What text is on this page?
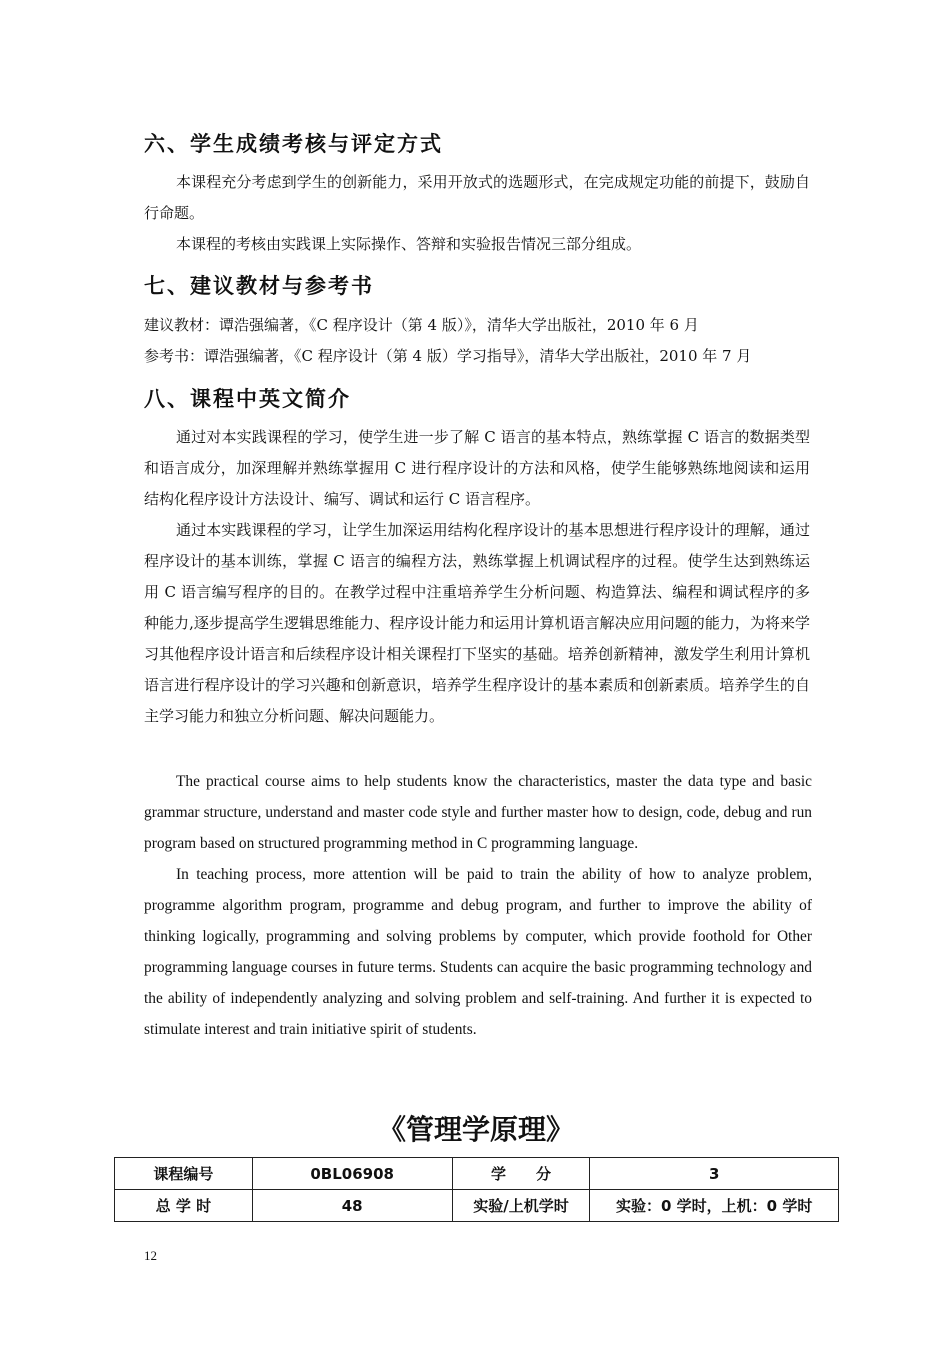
六、学生成绩考核与评定方式

本课程充分考虑到学生的创新能力，采用开放式的选题形式，在完成规定功能的前提下，鼓励自行命题。

本课程的考核由实践课上实际操作、答辩和实验报告情况三部分组成。

七、建议教材与参考书
建议教材：谭浩强编著，《C 程序设计（第 4 版）》，清华大学出版社，2010 年 6 月
参考书：谭浩强编著，《C 程序设计（第 4 版）学习指导》，清华大学出版社，2010 年 7 月
八、课程中英文简介

通过对本实践课程的学习，使学生进一步了解 C 语言的基本特点，熟练掌握 C 语言的数据类型和语言成分，加深理解并熟练掌握用 C 进行程序设计的方法和风格，使学生能够熟练地阅读和运用结构化程序设计方法设计、编写、调试和运行 C 语言程序。

通过本实践课程的学习，让学生加深运用结构化程序设计的基本思想进行程序设计的理解，通过程序设计的基本训练，掌握 C 语言的编程方法，熟练掌握上机调试程序的过程。使学生达到熟练运用 C 语言编写程序的目的。在教学过程中注重培养学生分析问题、构造算法、编程和调试程序的多种能力,逐步提高学生逻辑思维能力、程序设计能力和运用计算机语言解决应用问题的能力，为将来学习其他程序设计语言和后续程序设计相关课程打下坚实的基础。培养创新精神，激发学生利用计算机语言进行程序设计的学习兴趣和创新意识，培养学生程序设计的基本素质和创新素质。培养学生的自主学习能力和独立分析问题、解决问题能力。

The practical course aims to help students know the characteristics, master the data type and basic grammar structure, understand and master code style and further master how to design, code, debug and run program based on structured programming method in C programming language.

In teaching process, more attention will be paid to train the ability of how to analyze problem, programme algorithm program, programme and debug program, and further to improve the ability of thinking logically, programming and solving problems by computer, which provide foothold for Other programming language courses in future terms. Students can acquire the basic programming technology and the ability of independently analyzing and solving problem and self-training. And further it is expected to stimulate interest and train initiative spirit of students.

《管理学原理》
课程编号	0BL06908	学　　分	3
总 学 时	48	实验/上机学时	实验：0 学时，上机：0 学时
12
